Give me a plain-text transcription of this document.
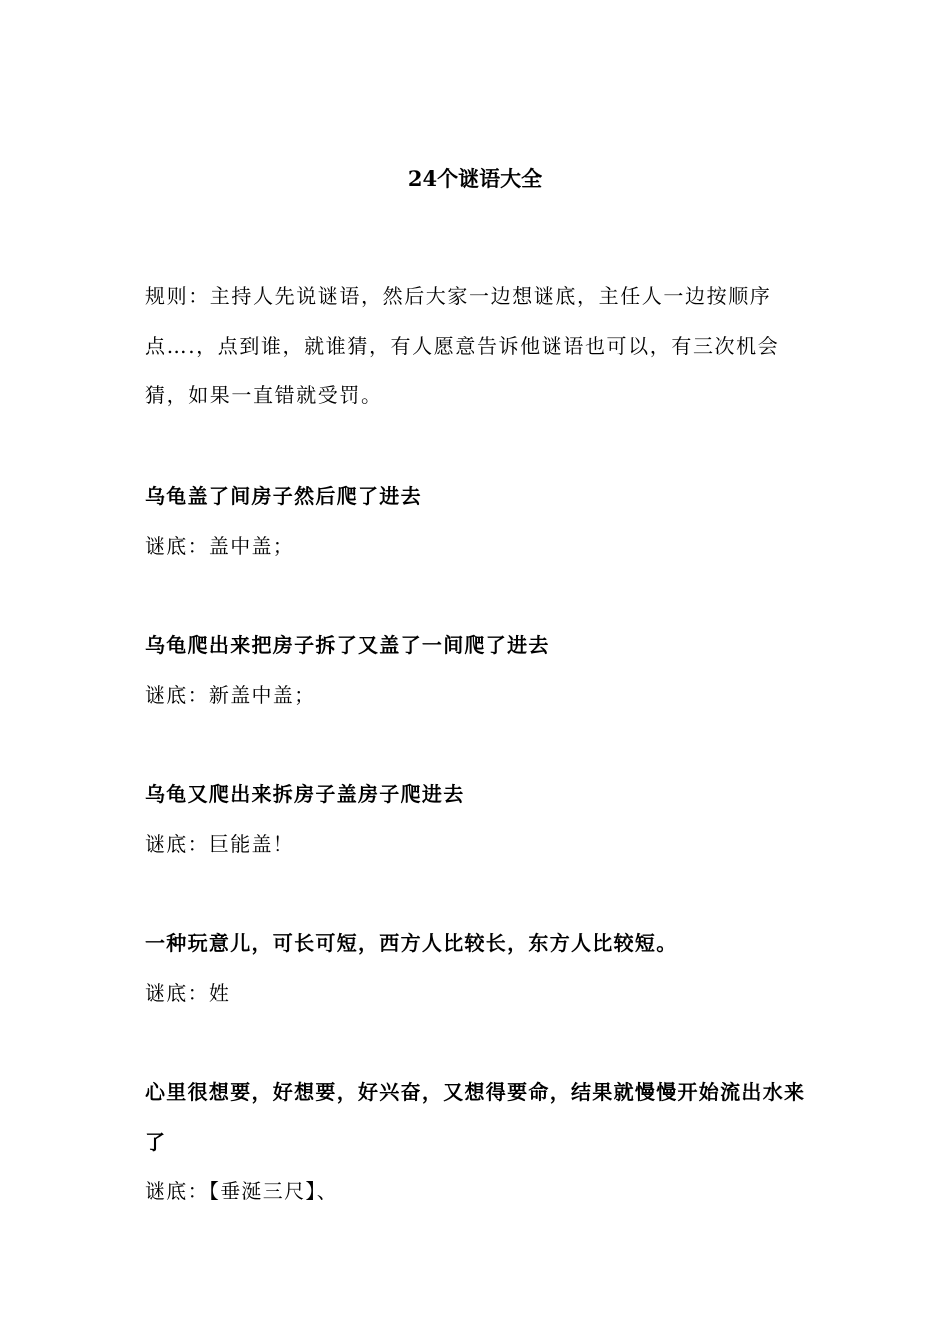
24个谜语大全
规则：主持人先说谜语，然后大家一边想谜底，主任人一边按顺序点….，点到谁，就谁猜，有人愿意告诉他谜语也可以，有三次机会猜，如果一直错就受罚。
乌龟盖了间房子然后爬了进去
谜底：盖中盖；
乌龟爬出来把房子拆了又盖了一间爬了进去
谜底：新盖中盖；
乌龟又爬出来拆房子盖房子爬进去
谜底：巨能盖！
一种玩意儿，可长可短，西方人比较长，东方人比较短。
谜底：姓
心里很想要，好想要，好兴奋，又想得要命，结果就慢慢开始流出水来了
谜底：【垂涎三尺】、
